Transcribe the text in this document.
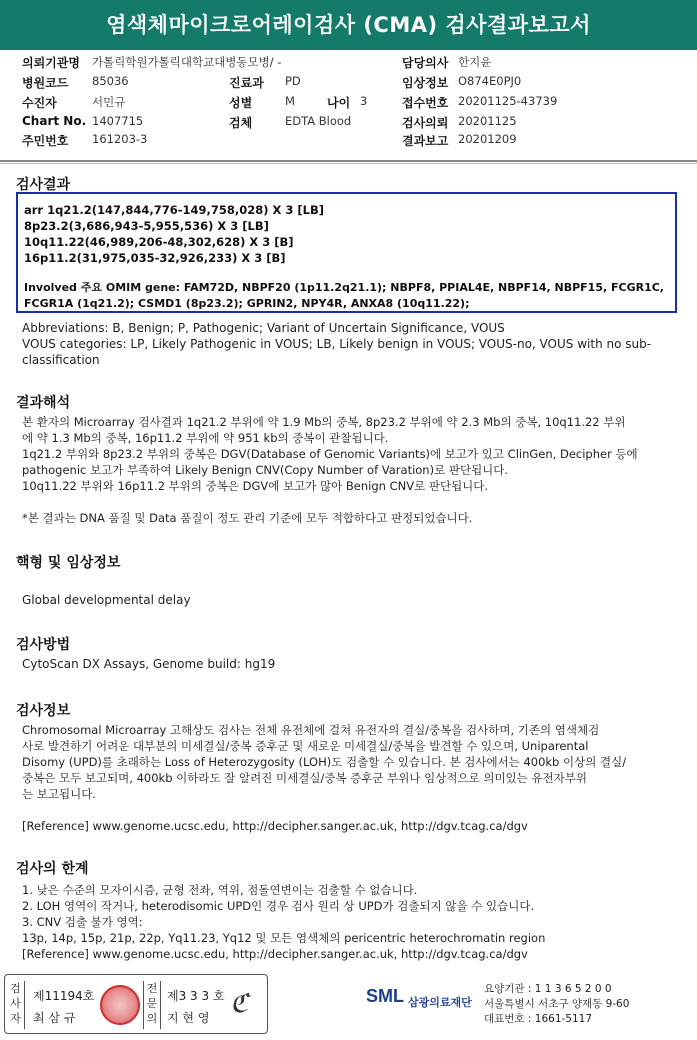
염색체마이크로어레이검사 (CMA) 검사결과보고서
의뢰기관명 가톨릭학원가톨릭대학교대병동모병/ -	담당의사 한지윤
병원코드 85036	진료과 PD	임상정보 O874E0PJ0
수진자	서민규	성별	M	나이 3	접수번호 20201125-43739
Chart No. 1407715	검체	EDTA Blood	검사의뢰 20201125
주민번호 161203-3	결과보고 20201209
검사결과
arr 1q21.2(147,844,776-149,758,028) X 3 [LB]
8p23.2(3,686,943-5,955,536) X 3 [LB]
10q11.22(46,989,206-48,302,628) X 3 [B]
16p11.2(31,975,035-32,926,233) X 3 [B]
Involved 주요 OMIM gene: FAM72D, NBPF20 (1p11.2q21.1); NBPF8, PPIAL4E, NBPF14, NBPF15, FCGR1C,
FCGR1A (1q21.2); CSMD1 (8p23.2); GPRIN2, NPY4R, ANXA8 (10q11.22);
Abbreviations: B, Benign; P, Pathogenic; Variant of Uncertain Significance, VOUS
VOUS categories: LP, Likely Pathogenic in VOUS; LB, Likely benign in VOUS; VOUS-no, VOUS with no sub-
classification
결과해석
본 환자의 Microarray 검사결과 1q21.2 부위에 약 1.9 Mb의 중복, 8p23.2 부위에 약 2.3 Mb의 중복, 10q11.22 부위
에 약 1.3 Mb의 중복, 16p11.2 부위에 약 951 kb의 중복이 관찰됩니다.
1q21.2 부위와 8p23.2 부위의 중복은 DGV(Database of Genomic Variants)에 보고가 있고 ClinGen, Decipher 등에
pathogenic 보고가 부족하여 Likely Benign CNV(Copy Number of Varation)로 판단됩니다.
10q11.22 부위와 16p11.2 부위의 중복은 DGV에 보고가 많아 Benign CNV로 판단됩니다.
*본 결과는 DNA 품질 및 Data 품질이 정도 관리 기준에 모두 적합하다고 판정되었습니다.
핵형 및 임상정보
Global developmental delay
검사방법
CytoScan DX Assays, Genome build: hg19
검사정보
Chromosomal Microarray 고해상도 검사는 전체 유전체에 걸쳐 유전자의 결실/중복을 검사하며, 기존의 염색체검
사로 발견하기 어려운 대부분의 미세결실/중복 증후군 및 새로운 미세결실/중복을 발견할 수 있으며, Uniparental
Disomy (UPD)를 초래하는 Loss of Heterozygosity (LOH)도 검출할 수 있습니다. 본 검사에서는 400kb 이상의 결실/
중복은 모두 보고되며, 400kb 이하라도 잘 알려진 미세결실/중복 증후군 부위나 임상적으로 의미있는 유전자부위
는 보고됩니다.
[Reference] www.genome.ucsc.edu, http://decipher.sanger.ac.uk, http://dgv.tcag.ca/dgv
검사의 한계
1. 낮은 수준의 모자이시즘, 균형 전좌, 역위, 점돌연변이는 검출할 수 없습니다.
2. LOH 영역이 작거나, heterodisomic UPD인 경우 검사 원리 상 UPD가 검출되지 않을 수 있습니다.
3. CNV 검출 불가 영역:
13p, 14p, 15p, 21p, 22p, Yq11.23, Yq12 및 모든 염색체의 pericentric heterochromatin region
[Reference] www.genome.ucsc.edu, http://decipher.sanger.ac.uk, http://dgv.tcag.ca/dgv
검사자
제11194호
최 삼 규
전문의
제3 3 3 호
지 현 영 ℭ	SML 삼광의료재단
요양기관 : 1 1 3 6 5 2 0 0
서울특별시 서초구 양재동 9-60
대표번호 : 1661-5117
